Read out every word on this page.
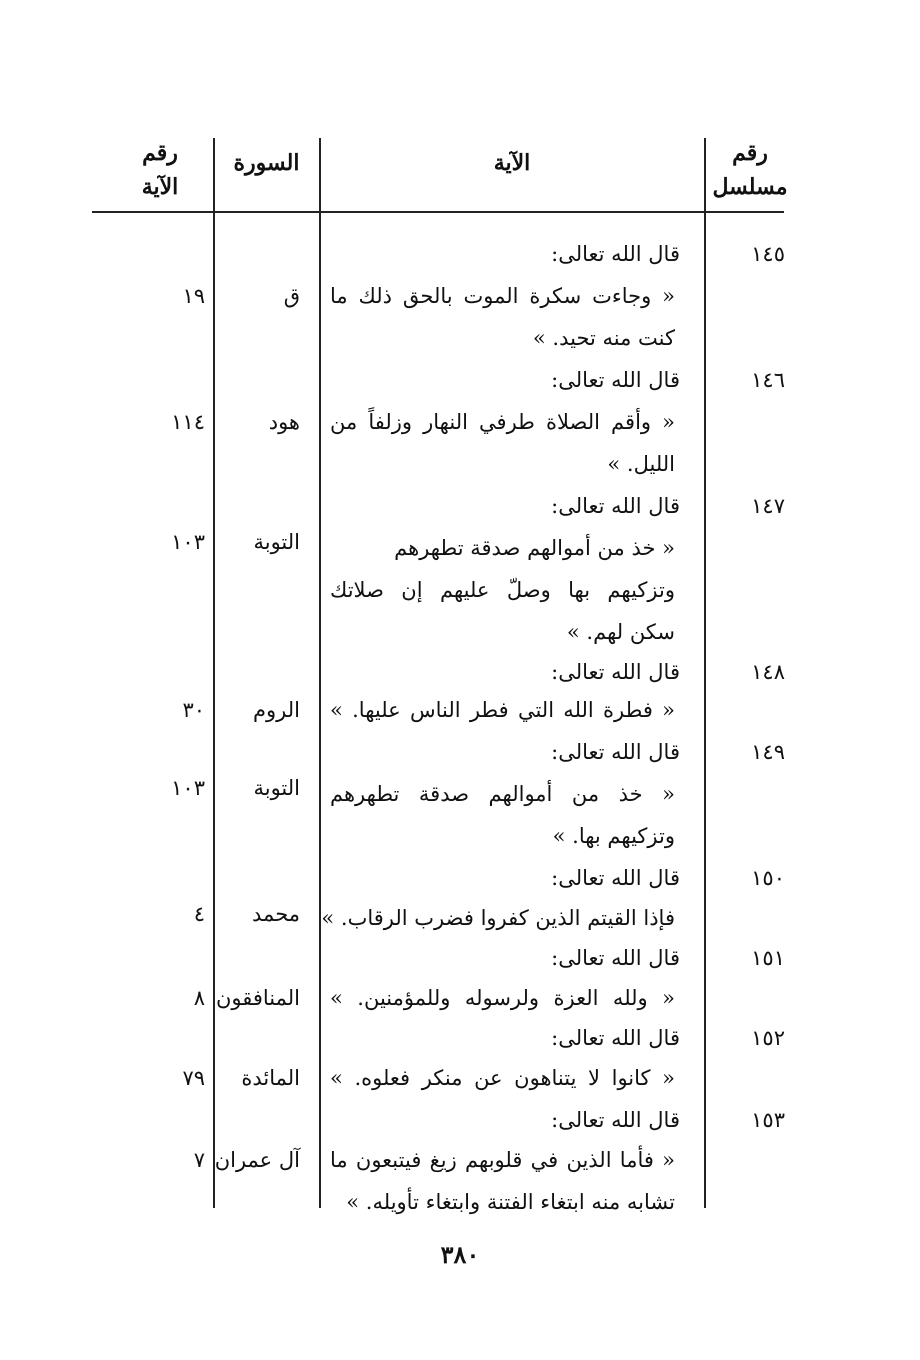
رقم
مسلسل
الآية
السورة
رقم
الآية
١٤٥
قال الله تعالى:
« وجاءت سكرة الموت بالحق ذلك ما
كنت منه تحيد. »
ق
١٩
١٤٦
قال الله تعالى:
« وأقم الصلاة طرفي النهار وزلفاً من
الليل. »
هود
١١٤
١٤٧
قال الله تعالى:
« خذ من أموالهم صدقة تطهرهم
وتزكيهم بها وصلّ عليهم إن صلاتك
سكن لهم. »
التوبة
١٠٣
١٤٨
قال الله تعالى:
« فطرة الله التي فطر الناس عليها. »
الروم
٣٠
١٤٩
قال الله تعالى:
« خذ من أموالهم صدقة تطهرهم
وتزكيهم بها. »
التوبة
١٠٣
١٥٠
قال الله تعالى:
فإذا القيتم الذين كفروا فضرب الرقاب. »
محمد
٤
١٥١
قال الله تعالى:
« ولله العزة ولرسوله وللمؤمنين. »
المنافقون
٨
١٥٢
قال الله تعالى:
« كانوا لا يتناهون عن منكر فعلوه. »
المائدة
٧٩
١٥٣
قال الله تعالى:
« فأما الذين في قلوبهم زيغ فيتبعون ما
تشابه منه ابتغاء الفتنة وابتغاء تأويله. »
آل عمران
٧
٣٨٠
